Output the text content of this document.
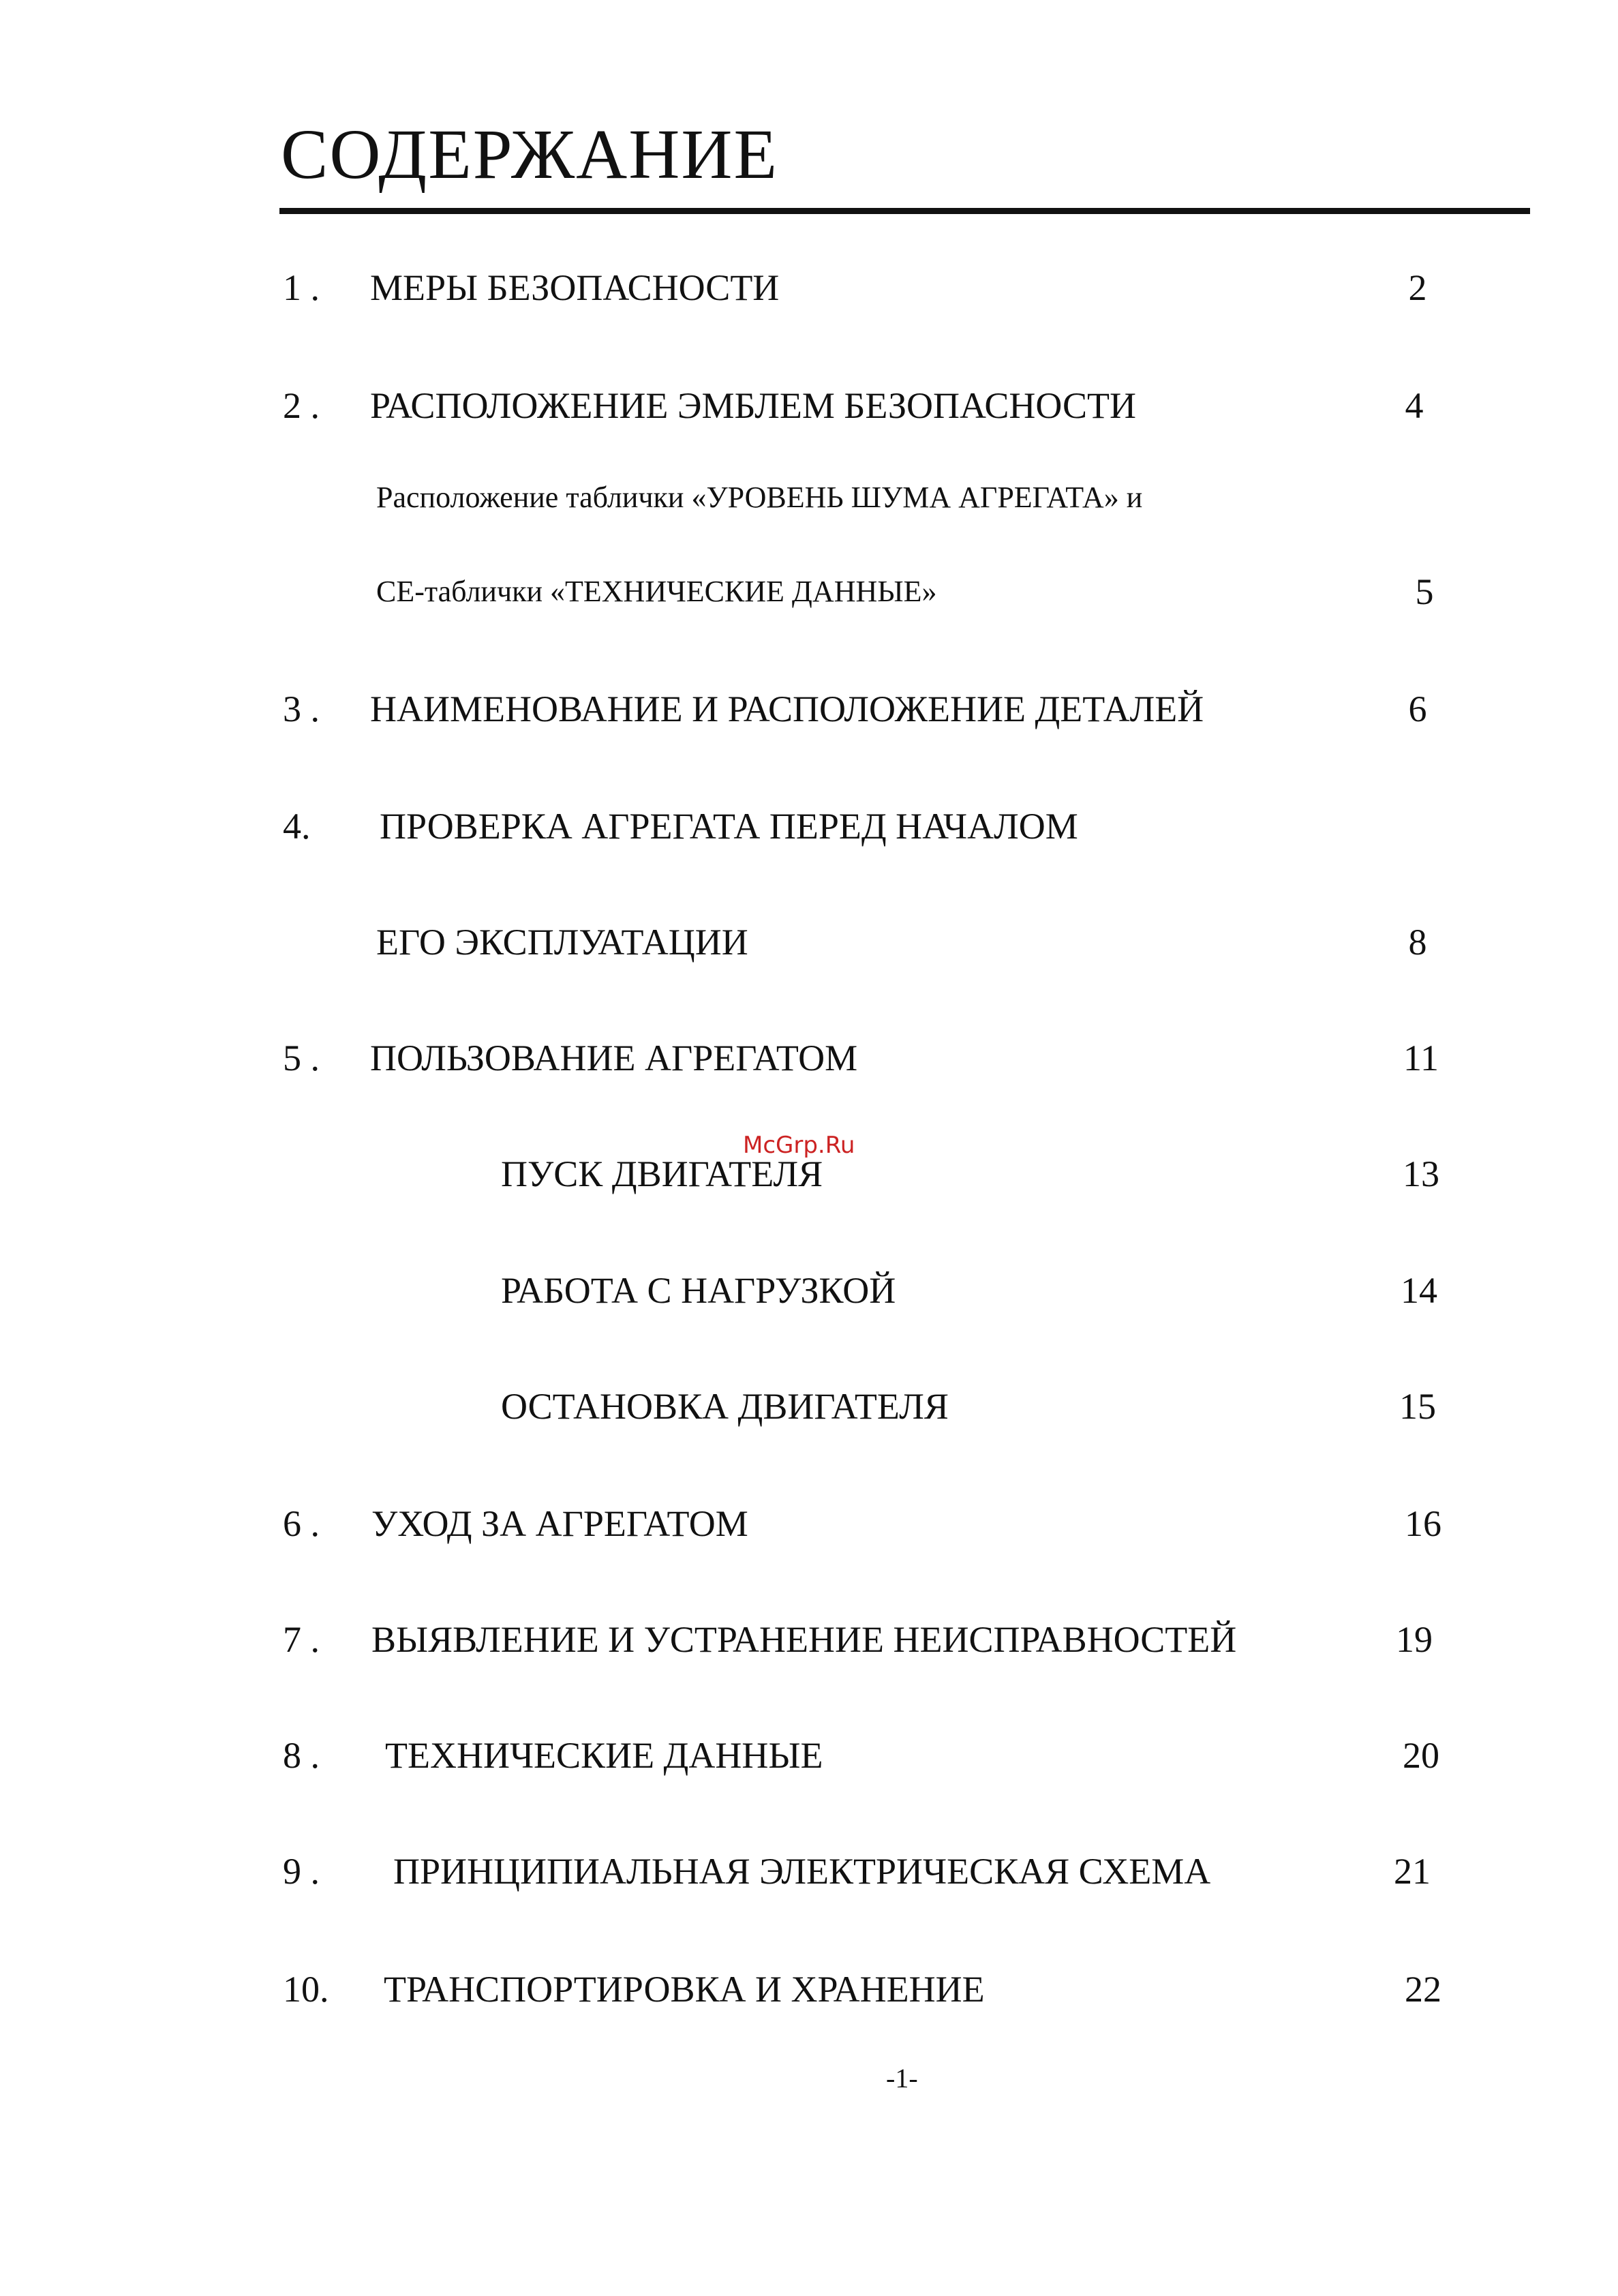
СОДЕРЖАНИЕ
1 . МЕРЫ БЕЗОПАСНОСТИ	2
2 . РАСПОЛОЖЕНИЕ ЭМБЛЕМ БЕЗОПАСНОСТИ	4
Расположение таблички «УРОВЕНЬ ШУМА АГРЕГАТА» и
CE-таблички «ТЕХНИЧЕСКИЕ ДАННЫЕ»	5
3 . НАИМЕНОВАНИЕ И РАСПОЛОЖЕНИЕ ДЕТАЛЕЙ	6
4. ПРОВЕРКА АГРЕГАТА ПЕРЕД НАЧАЛОМ
ЕГО ЭКСПЛУАТАЦИИ	8
5 . ПОЛЬЗОВАНИЕ АГРЕГАТОМ	11
ПУСК ДВИГАТЕЛЯ	13
РАБОТА С НАГРУЗКОЙ	14
ОСТАНОВКА ДВИГАТЕЛЯ	15
6 . УХОД ЗА АГРЕГАТОМ	16
7 . ВЫЯВЛЕНИЕ И УСТРАНЕНИЕ НЕИСПРАВНОСТЕЙ	19
8 . ТЕХНИЧЕСКИЕ ДАННЫЕ	20
9 . ПРИНЦИПИАЛЬНАЯ ЭЛЕКТРИЧЕСКАЯ СХЕМА	21
10. ТРАНСПОРТИРОВКА И ХРАНЕНИЕ	22
McGrp.Ru
-1-
